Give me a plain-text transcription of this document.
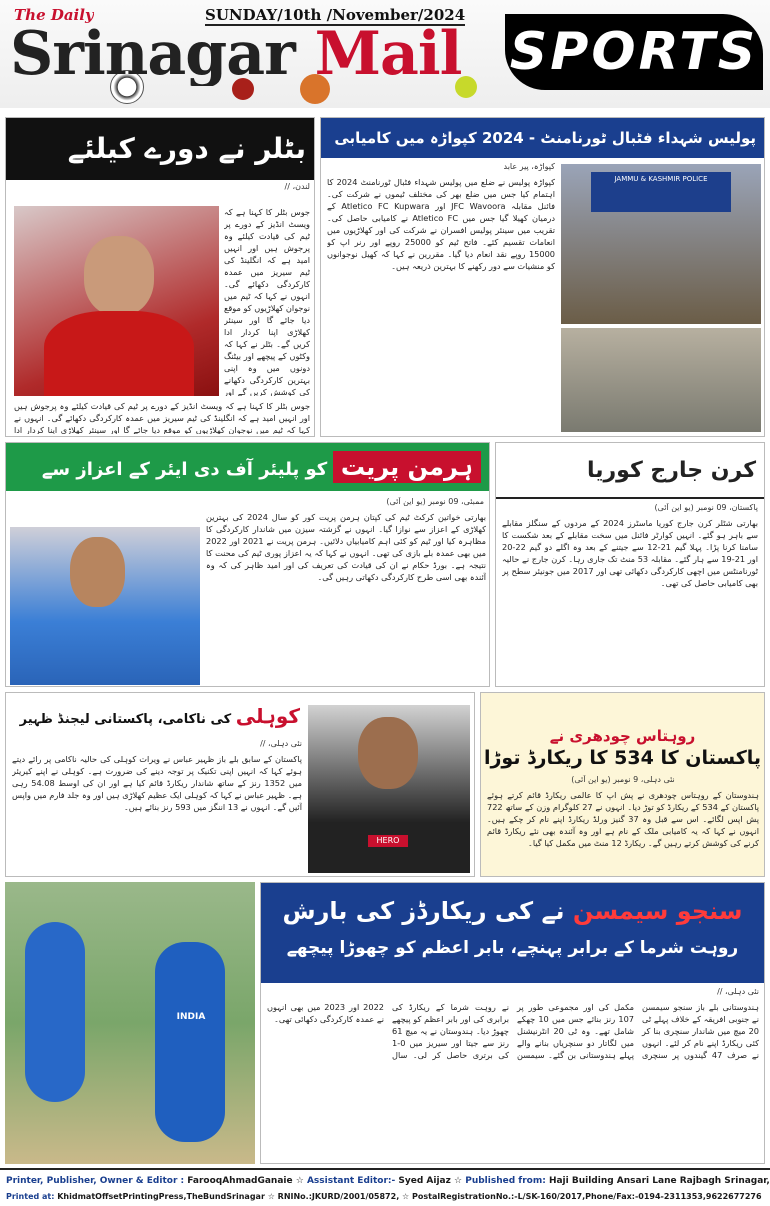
The Daily	SUNDAY/10th /November/2024
Srinagar Mail SPORTS
بٹلر نے دورے کیلئے
لندن، //
جوس بٹلر کا کہنا ہے کہ ویسٹ انڈیز کے دورے پر ٹیم کی قیادت کیلئے وہ پرجوش ہیں اور انہیں امید ہے کہ انگلینڈ کی ٹیم سیریز میں عمدہ کارکردگی دکھائے گی۔ انہوں نے کہا کہ ٹیم میں نوجوان کھلاڑیوں کو موقع دیا جائے گا اور سینئر کھلاڑی اپنا کردار ادا کریں گے۔ بٹلر نے کہا کہ وکٹوں کے پیچھے اور بیٹنگ دونوں میں وہ اپنی بہترین کارکردگی دکھانے کی کوشش کریں گے اور
جوس بٹلر کا کہنا ہے کہ ویسٹ انڈیز کے دورے پر ٹیم کی قیادت کیلئے وہ پرجوش ہیں اور انہیں امید ہے کہ انگلینڈ کی ٹیم سیریز میں عمدہ کارکردگی دکھائے گی۔ انہوں نے کہا کہ ٹیم میں نوجوان کھلاڑیوں کو موقع دیا جائے گا اور سینئر کھلاڑی اپنا کردار ادا
پولیس شہداء فٹبال ٹورنامنٹ - 2024 کپواڑہ میں کامیابی
کپواڑہ، پیر عابد
کپواڑہ پولیس نے ضلع میں پولیس شہداء فٹبال ٹورنامنٹ 2024 کا اہتمام کیا جس میں ضلع بھر کی مختلف ٹیموں نے شرکت کی۔ فائنل مقابلہ JFC Wavoora اور Atletico FC Kupwara کے درمیان کھیلا گیا جس میں Atletico FC نے کامیابی حاصل کی۔ تقریب میں سینئر پولیس افسران نے شرکت کی اور کھلاڑیوں میں انعامات تقسیم کئے۔ فاتح ٹیم کو 25000 روپے اور رنر اپ کو 15000 روپے نقد انعام دیا گیا۔ مقررین نے کہا کہ کھیل نوجوانوں کو منشیات سے دور رکھنے کا بہترین ذریعہ ہیں۔
JAMMU & KASHMIR POLICE
ہرمن پریت کو پلیئر آف دی ایئر کے اعزاز سے
ممبئی، 09 نومبر (یو این آئی)
بھارتی خواتین کرکٹ ٹیم کی کپتان ہرمن پریت کور کو سال 2024 کی بہترین کھلاڑی کے اعزاز سے نوازا گیا۔ انہوں نے گزشتہ سیزن میں شاندار کارکردگی کا مظاہرہ کیا اور ٹیم کو کئی اہم کامیابیاں دلائیں۔ ہرمن پریت نے 2021 اور 2022 میں بھی عمدہ بلے بازی کی تھی۔ انہوں نے کہا کہ یہ اعزاز پوری ٹیم کی محنت کا نتیجہ ہے۔ بورڈ حکام نے ان کی قیادت کی تعریف کی اور امید ظاہر کی کہ وہ آئندہ بھی اسی طرح کارکردگی دکھاتی رہیں گی۔
کرن جارج کوریا
پاکستان، 09 نومبر (یو این آئی)
بھارتی شٹلر کرن جارج کوریا ماسٹرز 2024 کے مردوں کے سنگلز مقابلے سے باہر ہو گئے۔ انہیں کوارٹر فائنل میں سخت مقابلے کے بعد شکست کا سامنا کرنا پڑا۔ پہلا گیم 21-12 سے جیتنے کے بعد وہ اگلے دو گیم 22-20 اور 21-19 سے ہار گئے۔ مقابلہ 53 منٹ تک جاری رہا۔ کرن جارج نے حالیہ ٹورنامنٹس میں اچھی کارکردگی دکھائی تھی اور 2017 میں جونیئر سطح پر بھی کامیابی حاصل کی تھی۔
کوہلی کی ناکامی، پاکستانی لیجنڈ ظہیر
نئی دہلی، //
پاکستان کے سابق بلے باز ظہیر عباس نے ویرات کوہلی کی حالیہ ناکامی پر رائے دیتے ہوئے کہا کہ انہیں اپنی تکنیک پر توجہ دینے کی ضرورت ہے۔ کوہلی نے اپنے کیریئر میں 1352 رنز کے ساتھ شاندار ریکارڈ قائم کیا ہے اور ان کی اوسط 54.08 رہی ہے۔ ظہیر عباس نے کہا کہ کوہلی ایک عظیم کھلاڑی ہیں اور وہ جلد فارم میں واپس آئیں گے۔ انہوں نے 13 اننگز میں 593 رنز بنائے ہیں۔
HERO
روہتاس چودھری نے
پاکستان کا 534 کا ریکارڈ توڑا
نئی دہلی، 9 نومبر (یو این آئی)
ہندوستان کے روہتاس چودھری نے پش اپ کا عالمی ریکارڈ قائم کرتے ہوئے پاکستان کے 534 کے ریکارڈ کو توڑ دیا۔ انہوں نے 27 کلوگرام وزن کے ساتھ 722 پش اپس لگائے۔ اس سے قبل وہ 37 گنیز ورلڈ ریکارڈ اپنے نام کر چکے ہیں۔ انہوں نے کہا کہ یہ کامیابی ملک کے نام ہے اور وہ آئندہ بھی نئے ریکارڈ قائم کرنے کی کوشش کرتے رہیں گے۔ ریکارڈ 12 منٹ میں مکمل کیا گیا۔
INDIA
سنجو سیمسن نے کی ریکارڈز کی بارش
روہت شرما کے برابر پہنچے، بابر اعظم کو چھوڑا پیچھے
نئی دہلی، //
ہندوستانی بلے باز سنجو سیمسن نے جنوبی افریقہ کے خلاف پہلے ٹی 20 میچ میں شاندار سنچری بنا کر کئی ریکارڈ اپنے نام کر لئے۔ انہوں نے صرف 47 گیندوں پر سنچری مکمل کی اور مجموعی طور پر 107 رنز بنائے جس میں 10 چھکے شامل تھے۔ وہ ٹی 20 انٹرنیشنل میں لگاتار دو سنچریاں بنانے والے پہلے ہندوستانی بن گئے۔ سیمسن نے روہت شرما کے ریکارڈ کی برابری کی اور بابر اعظم کو پیچھے چھوڑ دیا۔ ہندوستان نے یہ میچ 61 رنز سے جیتا اور سیریز میں 0-1 کی برتری حاصل کر لی۔ سال 2022 اور 2023 میں بھی انہوں نے عمدہ کارکردگی دکھائی تھی۔
Printer, Publisher, Owner & Editor : FarooqAhmadGanaie ☆ Assistant Editor:- Syed Aijaz ☆ Published from: Haji Building Ansari Lane Rajbagh Srinagar,
Printed at: KhidmatOffsetPrintingPress,TheBundSrinagar ☆ RNINo.:JKURD/2001/05872, ☆ PostalRegistrationNo.:-L/SK-160/2017,Phone/Fax:-0194-2311353,9622677276
